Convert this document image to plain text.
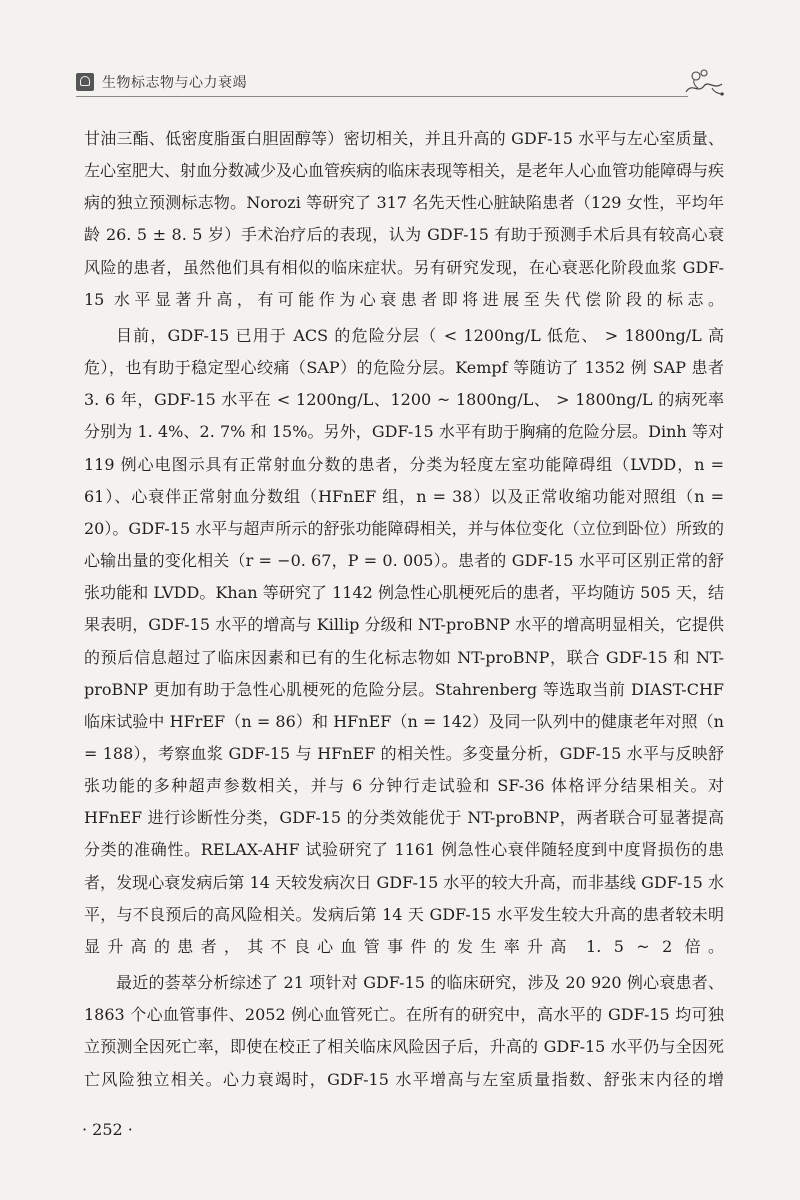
生物标志物与心力衰竭

甘油三酯、低密度脂蛋白胆固醇等）密切相关，并且升高的 GDF-15 水平与左心室质量、左心室肥大、射血分数减少及心血管疾病的临床表现等相关，是老年人心血管功能障碍与疾病的独立预测标志物。Norozi 等研究了 317 名先天性心脏缺陷患者（129 女性，平均年龄 26. 5 ± 8. 5 岁）手术治疗后的表现，认为 GDF-15 有助于预测手术后具有较高心衰风险的患者，虽然他们具有相似的临床症状。另有研究发现，在心衰恶化阶段血浆 GDF-15 水平显著升高，有可能作为心衰患者即将进展至失代偿阶段的标志。

目前，GDF-15 已用于 ACS 的危险分层（ < 1200ng/L 低危、 > 1800ng/L 高危），也有助于稳定型心绞痛（SAP）的危险分层。Kempf 等随访了 1352 例 SAP 患者 3. 6 年，GDF-15 水平在 < 1200ng/L、1200 ~ 1800ng/L、 > 1800ng/L 的病死率分别为 1. 4%、2. 7% 和 15%。另外，GDF-15 水平有助于胸痛的危险分层。Dinh 等对 119 例心电图示具有正常射血分数的患者，分类为轻度左室功能障碍组（LVDD，n = 61）、心衰伴正常射血分数组（HFnEF 组，n = 38）以及正常收缩功能对照组（n = 20）。GDF-15 水平与超声所示的舒张功能障碍相关，并与体位变化（立位到卧位）所致的心输出量的变化相关（r = −0. 67，P = 0. 005）。患者的 GDF-15 水平可区别正常的舒张功能和 LVDD。Khan 等研究了 1142 例急性心肌梗死后的患者，平均随访 505 天，结果表明，GDF-15 水平的增高与 Killip 分级和 NT-proBNP 水平的增高明显相关，它提供的预后信息超过了临床因素和已有的生化标志物如 NT-proBNP，联合 GDF-15 和 NT-proBNP 更加有助于急性心肌梗死的危险分层。Stahrenberg 等选取当前 DIAST-CHF 临床试验中 HFrEF（n = 86）和 HFnEF（n = 142）及同一队列中的健康老年对照（n = 188），考察血浆 GDF-15 与 HFnEF 的相关性。多变量分析，GDF-15 水平与反映舒张功能的多种超声参数相关，并与 6 分钟行走试验和 SF-36 体格评分结果相关。对 HFnEF 进行诊断性分类，GDF-15 的分类效能优于 NT-proBNP，两者联合可显著提高分类的准确性。RELAX-AHF 试验研究了 1161 例急性心衰伴随轻度到中度肾损伤的患者，发现心衰发病后第 14 天较发病次日 GDF-15 水平的较大升高，而非基线 GDF-15 水平，与不良预后的高风险相关。发病后第 14 天 GDF-15 水平发生较大升高的患者较未明显升高的患者，其不良心血管事件的发生率升高 1. 5 ~ 2 倍。

最近的荟萃分析综述了 21 项针对 GDF-15 的临床研究，涉及 20 920 例心衰患者、1863 个心血管事件、2052 例心血管死亡。在所有的研究中，高水平的 GDF-15 均可独立预测全因死亡率，即使在校正了相关临床风险因子后，升高的 GDF-15 水平仍与全因死亡风险独立相关。心力衰竭时，GDF-15 水平增高与左室质量指数、舒张末内径的增

· 252 ·
